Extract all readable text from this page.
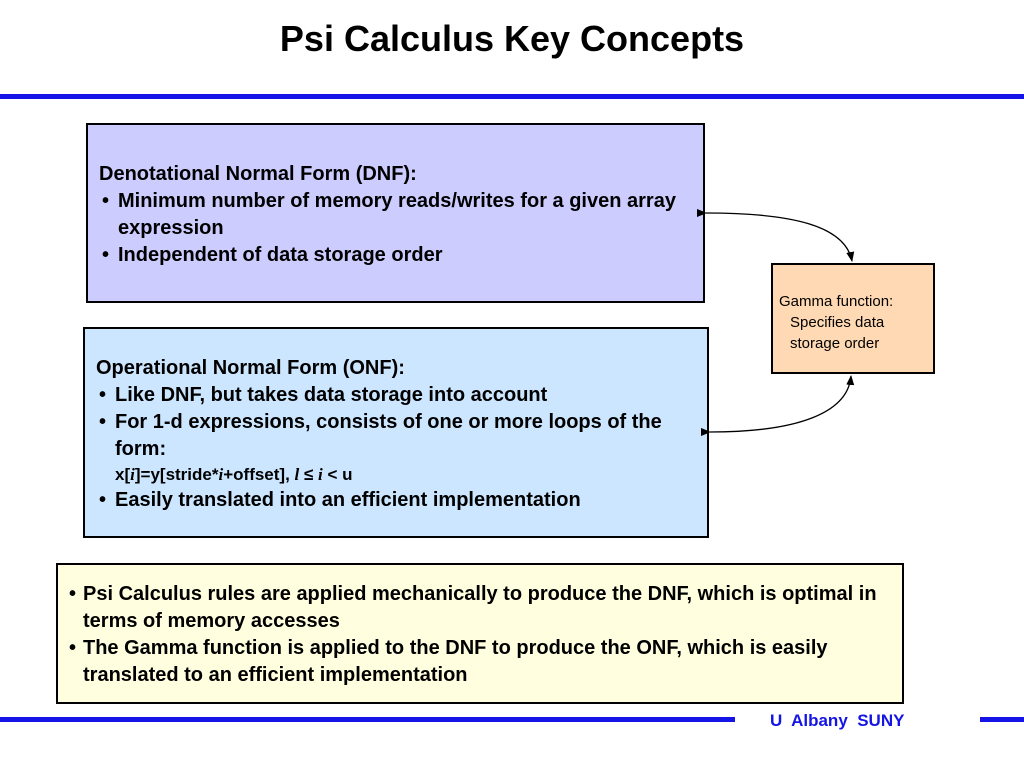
Psi Calculus Key Concepts
Denotational Normal Form (DNF):
• Minimum number of memory reads/writes for a given array expression
• Independent of data storage order
Operational Normal Form (ONF):
• Like DNF, but takes data storage into account
• For 1-d expressions, consists of one or more loops of the form:
x[i]=y[stride*i+offset], l ≤ i < u
• Easily translated into an efficient implementation
Gamma function:
Specifies data
storage order
• Psi Calculus rules are applied mechanically to produce the DNF, which is optimal in terms of memory accesses
• The Gamma function is applied to the DNF to produce the ONF, which is easily translated to an efficient implementation
U  Albany  SUNY
